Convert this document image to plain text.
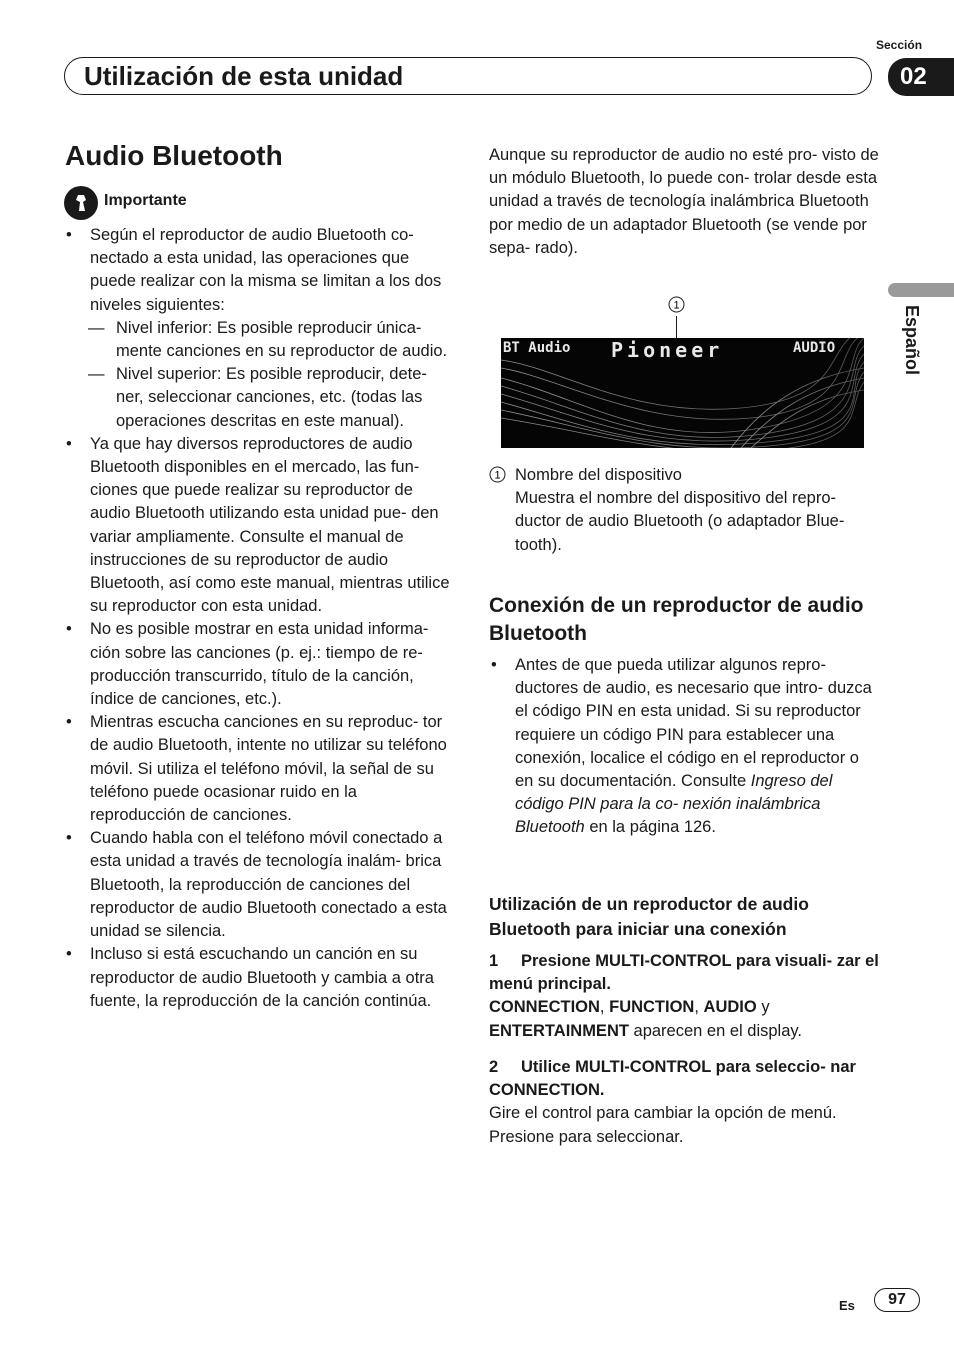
Sección
Utilización de esta unidad	02
Español
Audio Bluetooth
Importante
• Según el reproductor de audio Bluetooth co- nectado a esta unidad, las operaciones que puede realizar con la misma se limitan a los dos niveles siguientes:
— Nivel inferior: Es posible reproducir única- mente canciones en su reproductor de audio.
— Nivel superior: Es posible reproducir, dete- ner, seleccionar canciones, etc. (todas las operaciones descritas en este manual).
• Ya que hay diversos reproductores de audio Bluetooth disponibles en el mercado, las fun- ciones que puede realizar su reproductor de audio Bluetooth utilizando esta unidad pue- den variar ampliamente. Consulte el manual de instrucciones de su reproductor de audio Bluetooth, así como este manual, mientras utilice su reproductor con esta unidad.
• No es posible mostrar en esta unidad informa- ción sobre las canciones (p. ej.: tiempo de re- producción transcurrido, título de la canción, índice de canciones, etc.).
• Mientras escucha canciones en su reproduc- tor de audio Bluetooth, intente no utilizar su teléfono móvil. Si utiliza el teléfono móvil, la señal de su teléfono puede ocasionar ruido en la reproducción de canciones.
• Cuando habla con el teléfono móvil conectado a esta unidad a través de tecnología inalám- brica Bluetooth, la reproducción de canciones del reproductor de audio Bluetooth conectado a esta unidad se silencia.
• Incluso si está escuchando un canción en su reproductor de audio Bluetooth y cambia a otra fuente, la reproducción de la canción continúa.
Aunque su reproductor de audio no esté pro- visto de un módulo Bluetooth, lo puede con- trolar desde esta unidad a través de tecnología inalámbrica Bluetooth por medio de un adaptador Bluetooth (se vende por sepa- rado).
1
BT Audio Pioneer	AUDIO
1 Nombre del dispositivo
Muestra el nombre del dispositivo del repro- ductor de audio Bluetooth (o adaptador Blue- tooth).
Conexión de un reproductor de audio Bluetooth
• Antes de que pueda utilizar algunos repro- ductores de audio, es necesario que intro- duzca el código PIN en esta unidad. Si su reproductor requiere un código PIN para establecer una conexión, localice el código en el reproductor o en su documentación. Consulte Ingreso del código PIN para la co- nexión inalámbrica Bluetooth en la página 126.
Utilización de un reproductor de audio Bluetooth para iniciar una conexión
1 Presione MULTI-CONTROL para visuali- zar el menú principal.
CONNECTION, FUNCTION, AUDIO y ENTERTAINMENT aparecen en el display.
2 Utilice MULTI-CONTROL para seleccio- nar CONNECTION.
Gire el control para cambiar la opción de menú. Presione para seleccionar.
Es	97
